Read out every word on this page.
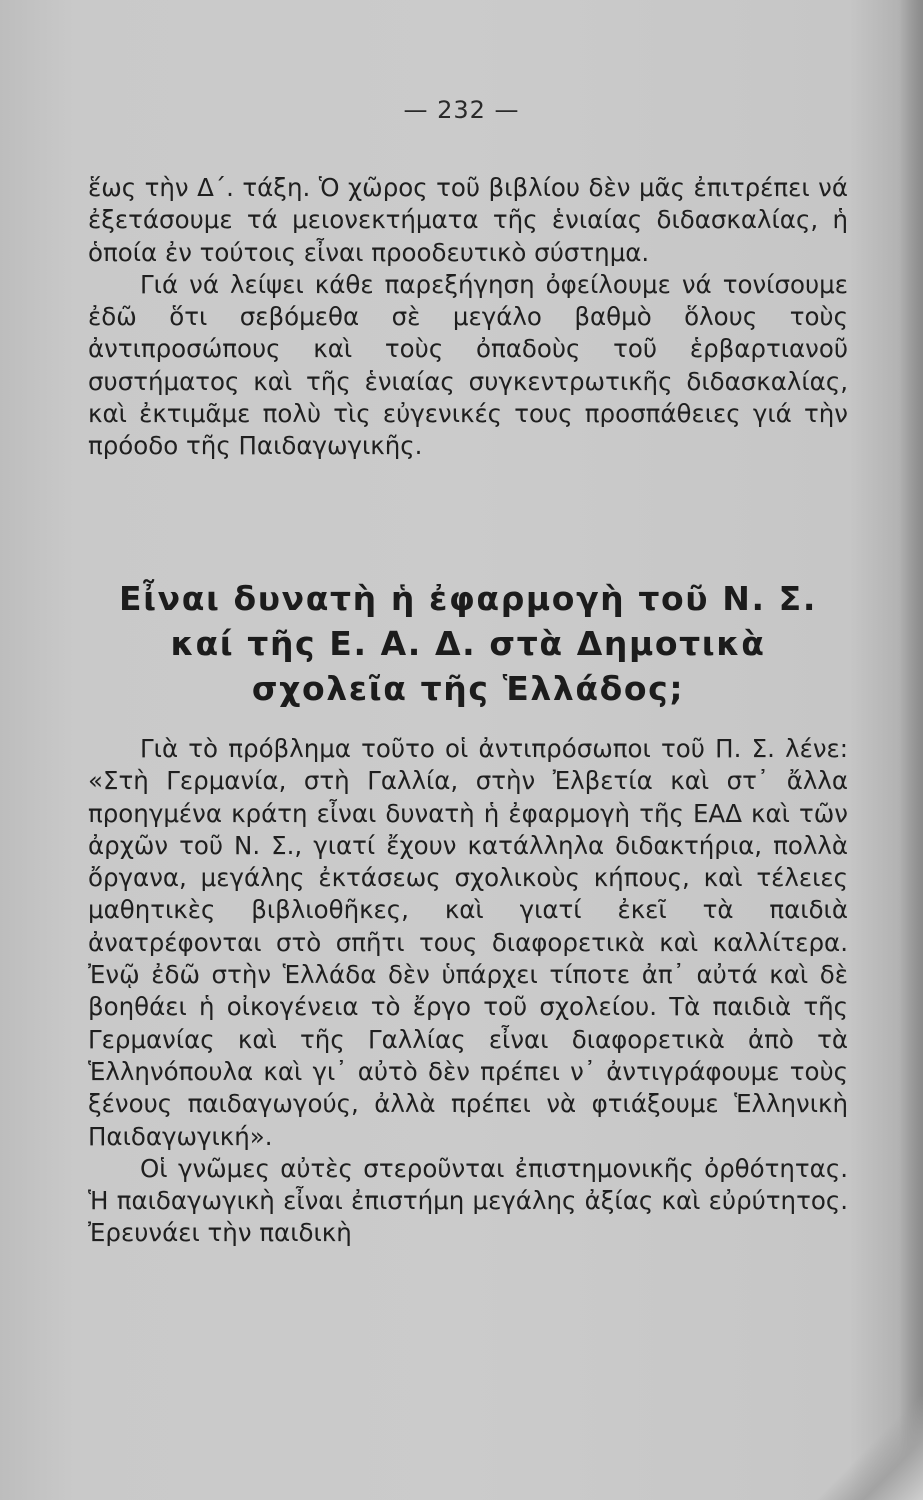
— 232 —

ἕως τὴν Δ΄. τάξη. Ὁ χῶρος τοῦ βιβλίου δὲν μᾶς ἐπιτρέπει νά ἐξετάσουμε τά μειονεκτήματα τῆς ἑνιαίας διδασκαλίας, ἡ ὁποία ἐν τούτοις εἶναι προοδευτικὸ σύστημα.

Γιά νά λείψει κάθε παρεξήγηση ὀφείλουμε νά τονίσουμε ἐδῶ ὅτι σεβόμεθα σὲ μεγάλο βαθμὸ ὅλους τοὺς ἀντιπροσώπους καὶ τοὺς ὀπαδοὺς τοῦ ἑρβαρτιανοῦ συστήματος καὶ τῆς ἑνιαίας συγκεντρωτικῆς διδασκαλίας, καὶ ἐκτιμᾶμε πολὺ τὶς εὐγενικές τους προσπάθειες γιά τὴν πρόοδο τῆς Παιδαγωγικῆς.

Εἶναι δυνατὴ ἡ ἐφαρμογὴ τοῦ Ν. Σ.
καί τῆς Ε. Α. Δ. στὰ Δημοτικὰ
σχολεῖα τῆς Ἑλλάδος;

Γιὰ τὸ πρόβλημα τοῦτο οἱ ἀντιπρόσωποι τοῦ Π. Σ. λένε: «Στὴ Γερμανία, στὴ Γαλλία, στὴν Ἐλβετία καὶ στ᾽ ἄλλα προηγμένα κράτη εἶναι δυνατὴ ἡ ἐφαρμογὴ τῆς ΕΑΔ καὶ τῶν ἀρχῶν τοῦ Ν. Σ., γιατί ἔχουν κατάλληλα διδακτήρια, πολλὰ ὄργανα, μεγάλης ἐκτάσεως σχολικοὺς κήπους, καὶ τέλειες μαθητικὲς βιβλιοθῆκες, καὶ γιατί ἐκεῖ τὰ παιδιὰ ἀνατρέφονται στὸ σπῆτι τους διαφορετικὰ καὶ καλλίτερα. Ἐνῷ ἐδῶ στὴν Ἑλλάδα δὲν ὑπάρχει τίποτε ἀπ᾽ αὐτά καὶ δὲ βοηθάει ἡ οἰκογένεια τὸ ἔργο τοῦ σχολείου. Τὰ παιδιὰ τῆς Γερμανίας καὶ τῆς Γαλλίας εἶναι διαφορετικὰ ἀπὸ τὰ Ἑλληνόπουλα καὶ γι᾽ αὐτὸ δὲν πρέπει ν᾽ ἀντιγράφουμε τοὺς ξένους παιδαγωγούς, ἀλλὰ πρέπει νὰ φτιάξουμε Ἑλληνικὴ Παιδαγωγική».

Οἱ γνῶμες αὐτὲς στεροῦνται ἐπιστημονικῆς ὀρθότητας. Ἡ παιδαγωγικὴ εἶναι ἐπιστήμη μεγάλης ἀξίας καὶ εὐρύτητος. Ἐρευνάει τὴν παιδικὴ
